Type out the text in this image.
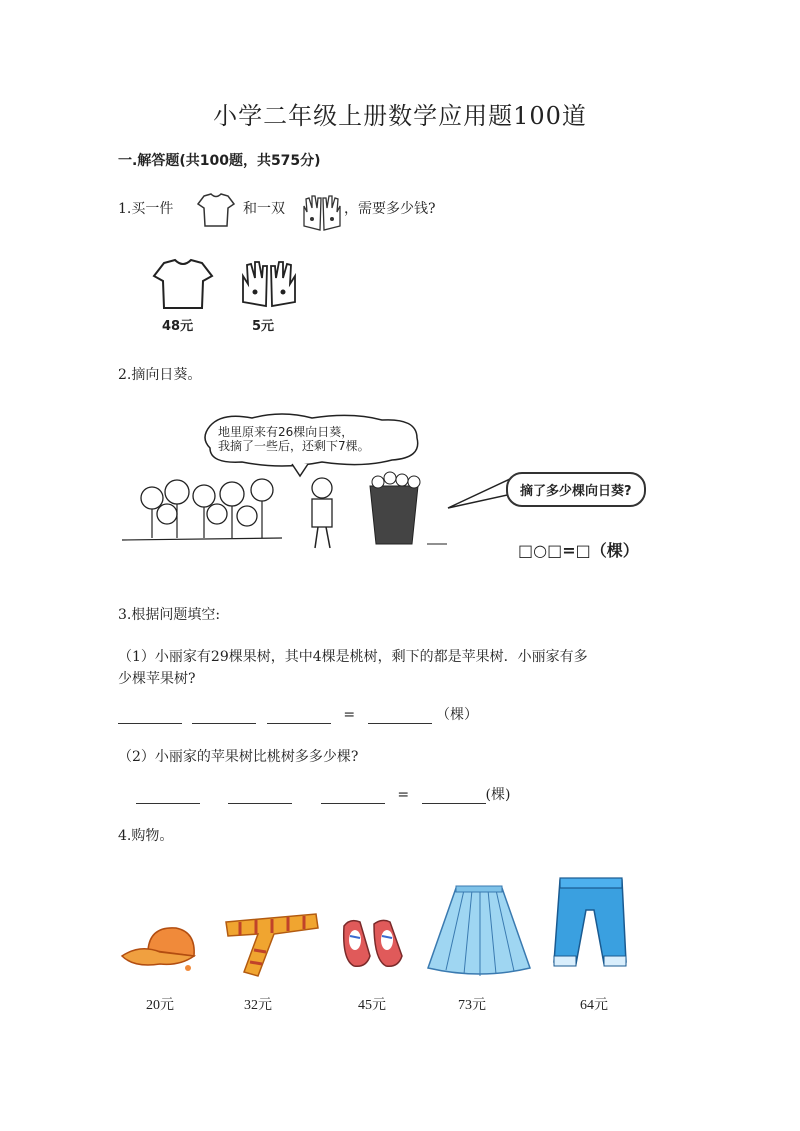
小学二年级上册数学应用题100道
一.解答题(共100题，共575分)
1.买一件	和一双	，需要多少钱?
48元	5元
2.摘向日葵。
地里原来有26棵向日葵，
我摘了一些后，还剩下7棵。
摘了多少棵向日葵?
□○□=□（棵）
3.根据问题填空:
（1）小丽家有29棵果树，其中4棵是桃树，剩下的都是苹果树．小丽家有多
少棵苹果树?
=	（棵）
（2）小丽家的苹果树比桃树多多少棵?
=	(棵)
4.购物。
20元	32元	45元	73元	64元
